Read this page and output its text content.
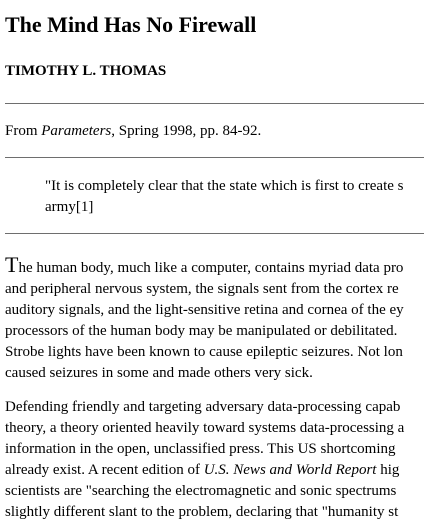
The Mind Has No Firewall
TIMOTHY L. THOMAS
From Parameters, Spring 1998, pp. 84-92.
"It is completely clear that the state which is first to create s
army[1]
The human body, much like a computer, contains myriad data pro
and peripheral nervous system, the signals sent from the cortex re
auditory signals, and the light-sensitive retina and cornea of the ey
processors of the human body may be manipulated or debilitated.
Strobe lights have been known to cause epileptic seizures. Not lon
caused seizures in some and made others very sick.
Defending friendly and targeting adversary data-processing capab
theory, a theory oriented heavily toward systems data-processing a
information in the open, unclassified press. This US shortcoming
already exist. A recent edition of U.S. News and World Report hig
scientists are "searching the electromagnetic and sonic spectrums
slightly different slant to the problem, declaring that "humanity st
